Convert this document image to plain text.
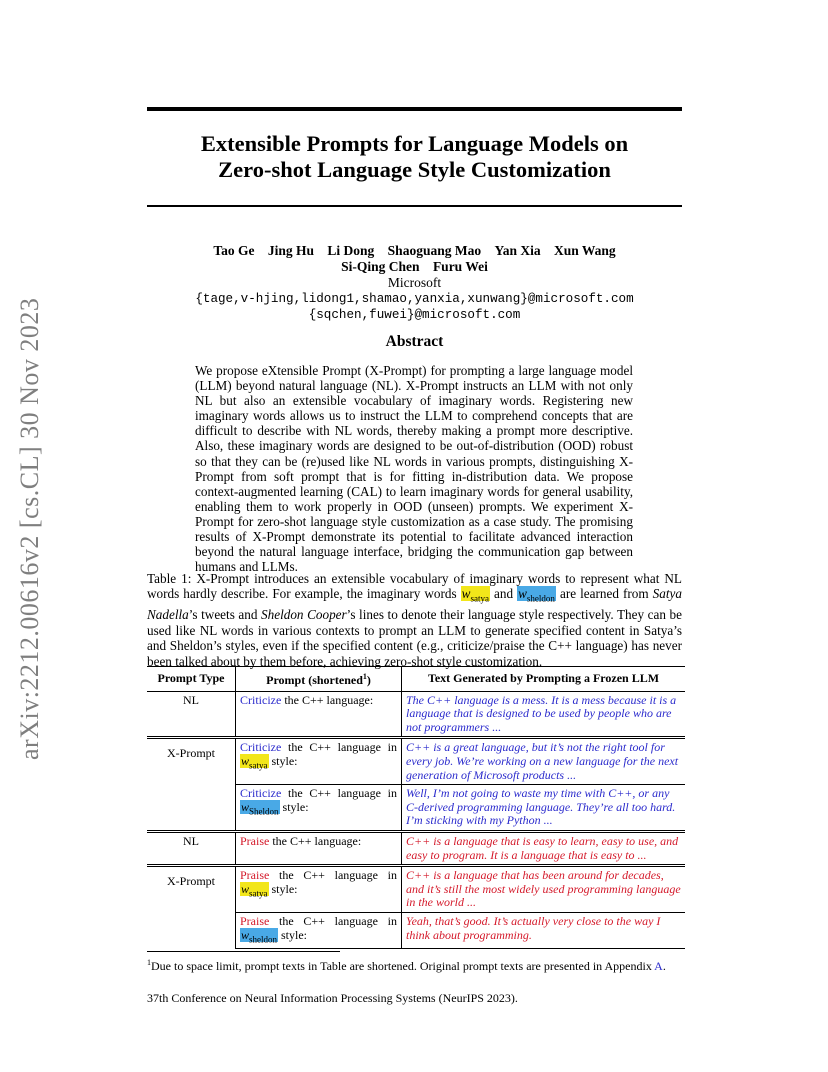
arXiv:2212.00616v2 [cs.CL] 30 Nov 2023
Extensible Prompts for Language Models on
Zero-shot Language Style Customization
Tao Ge Jing Hu Li Dong Shaoguang Mao Yan Xia Xun Wang
Si-Qing Chen Furu Wei
Microsoft
{tage,v-hjing,lidong1,shamao,yanxia,xunwang}@microsoft.com
{sqchen,fuwei}@microsoft.com
Abstract
We propose eXtensible Prompt (X-Prompt) for prompting a large language model (LLM) beyond natural language (NL). X-Prompt instructs an LLM with not only NL but also an extensible vocabulary of imaginary words. Registering new imaginary words allows us to instruct the LLM to comprehend concepts that are difficult to describe with NL words, thereby making a prompt more descriptive. Also, these imaginary words are designed to be out-of-distribution (OOD) robust so that they can be (re)used like NL words in various prompts, distinguishing X-Prompt from soft prompt that is for fitting in-distribution data. We propose context-augmented learning (CAL) to learn imaginary words for general usability, enabling them to work properly in OOD (unseen) prompts. We experiment X-Prompt for zero-shot language style customization as a case study. The promising results of X-Prompt demonstrate its potential to facilitate advanced interaction beyond the natural language interface, bridging the communication gap between humans and LLMs.
Table 1: X-Prompt introduces an extensible vocabulary of imaginary words to represent what NL words hardly describe. For example, the imaginary words $w_{satya}$ and $w_{sheldon}$ are learned from Satya Nadella’s tweets and Sheldon Cooper’s lines to denote their language style respectively. They can be used like NL words in various contexts to prompt an LLM to generate specified content in Satya’s and Sheldon’s styles, even if the specified content (e.g., criticize/praise the C++ language) has never been talked about by them before, achieving zero-shot style customization.
Prompt Type	Prompt (shortened$^1$)	Text Generated by Prompting a Frozen LLM
NL	Criticize the C++ language:	The C++ language is a mess. It is a mess because it is a language that is designed to be used by people who are not programmers ...
X-Prompt	Criticize the C++ language in $w_{satya}$ style:	C++ is a great language, but it’s not the right tool for every job. We’re working on a new language for the next generation of Microsoft products ...
	Criticize the C++ language in $w_{Sheldon}$ style:	Well, I’m not going to waste my time with C++, or any C-derived programming language. They’re all too hard. I’m sticking with my Python ...
NL	Praise the C++ language:	C++ is a language that is easy to learn, easy to use, and easy to program. It is a language that is easy to ...
X-Prompt	Praise the C++ language in $w_{satya}$ style:	C++ is a language that has been around for decades, and it’s still the most widely used programming language in the world ...
	Praise the C++ language in $w_{sheldon}$ style:	Yeah, that’s good. It’s actually very close to the way I think about programming.
$^1$Due to space limit, prompt texts in Table are shortened. Original prompt texts are presented in Appendix A.
37th Conference on Neural Information Processing Systems (NeurIPS 2023).
